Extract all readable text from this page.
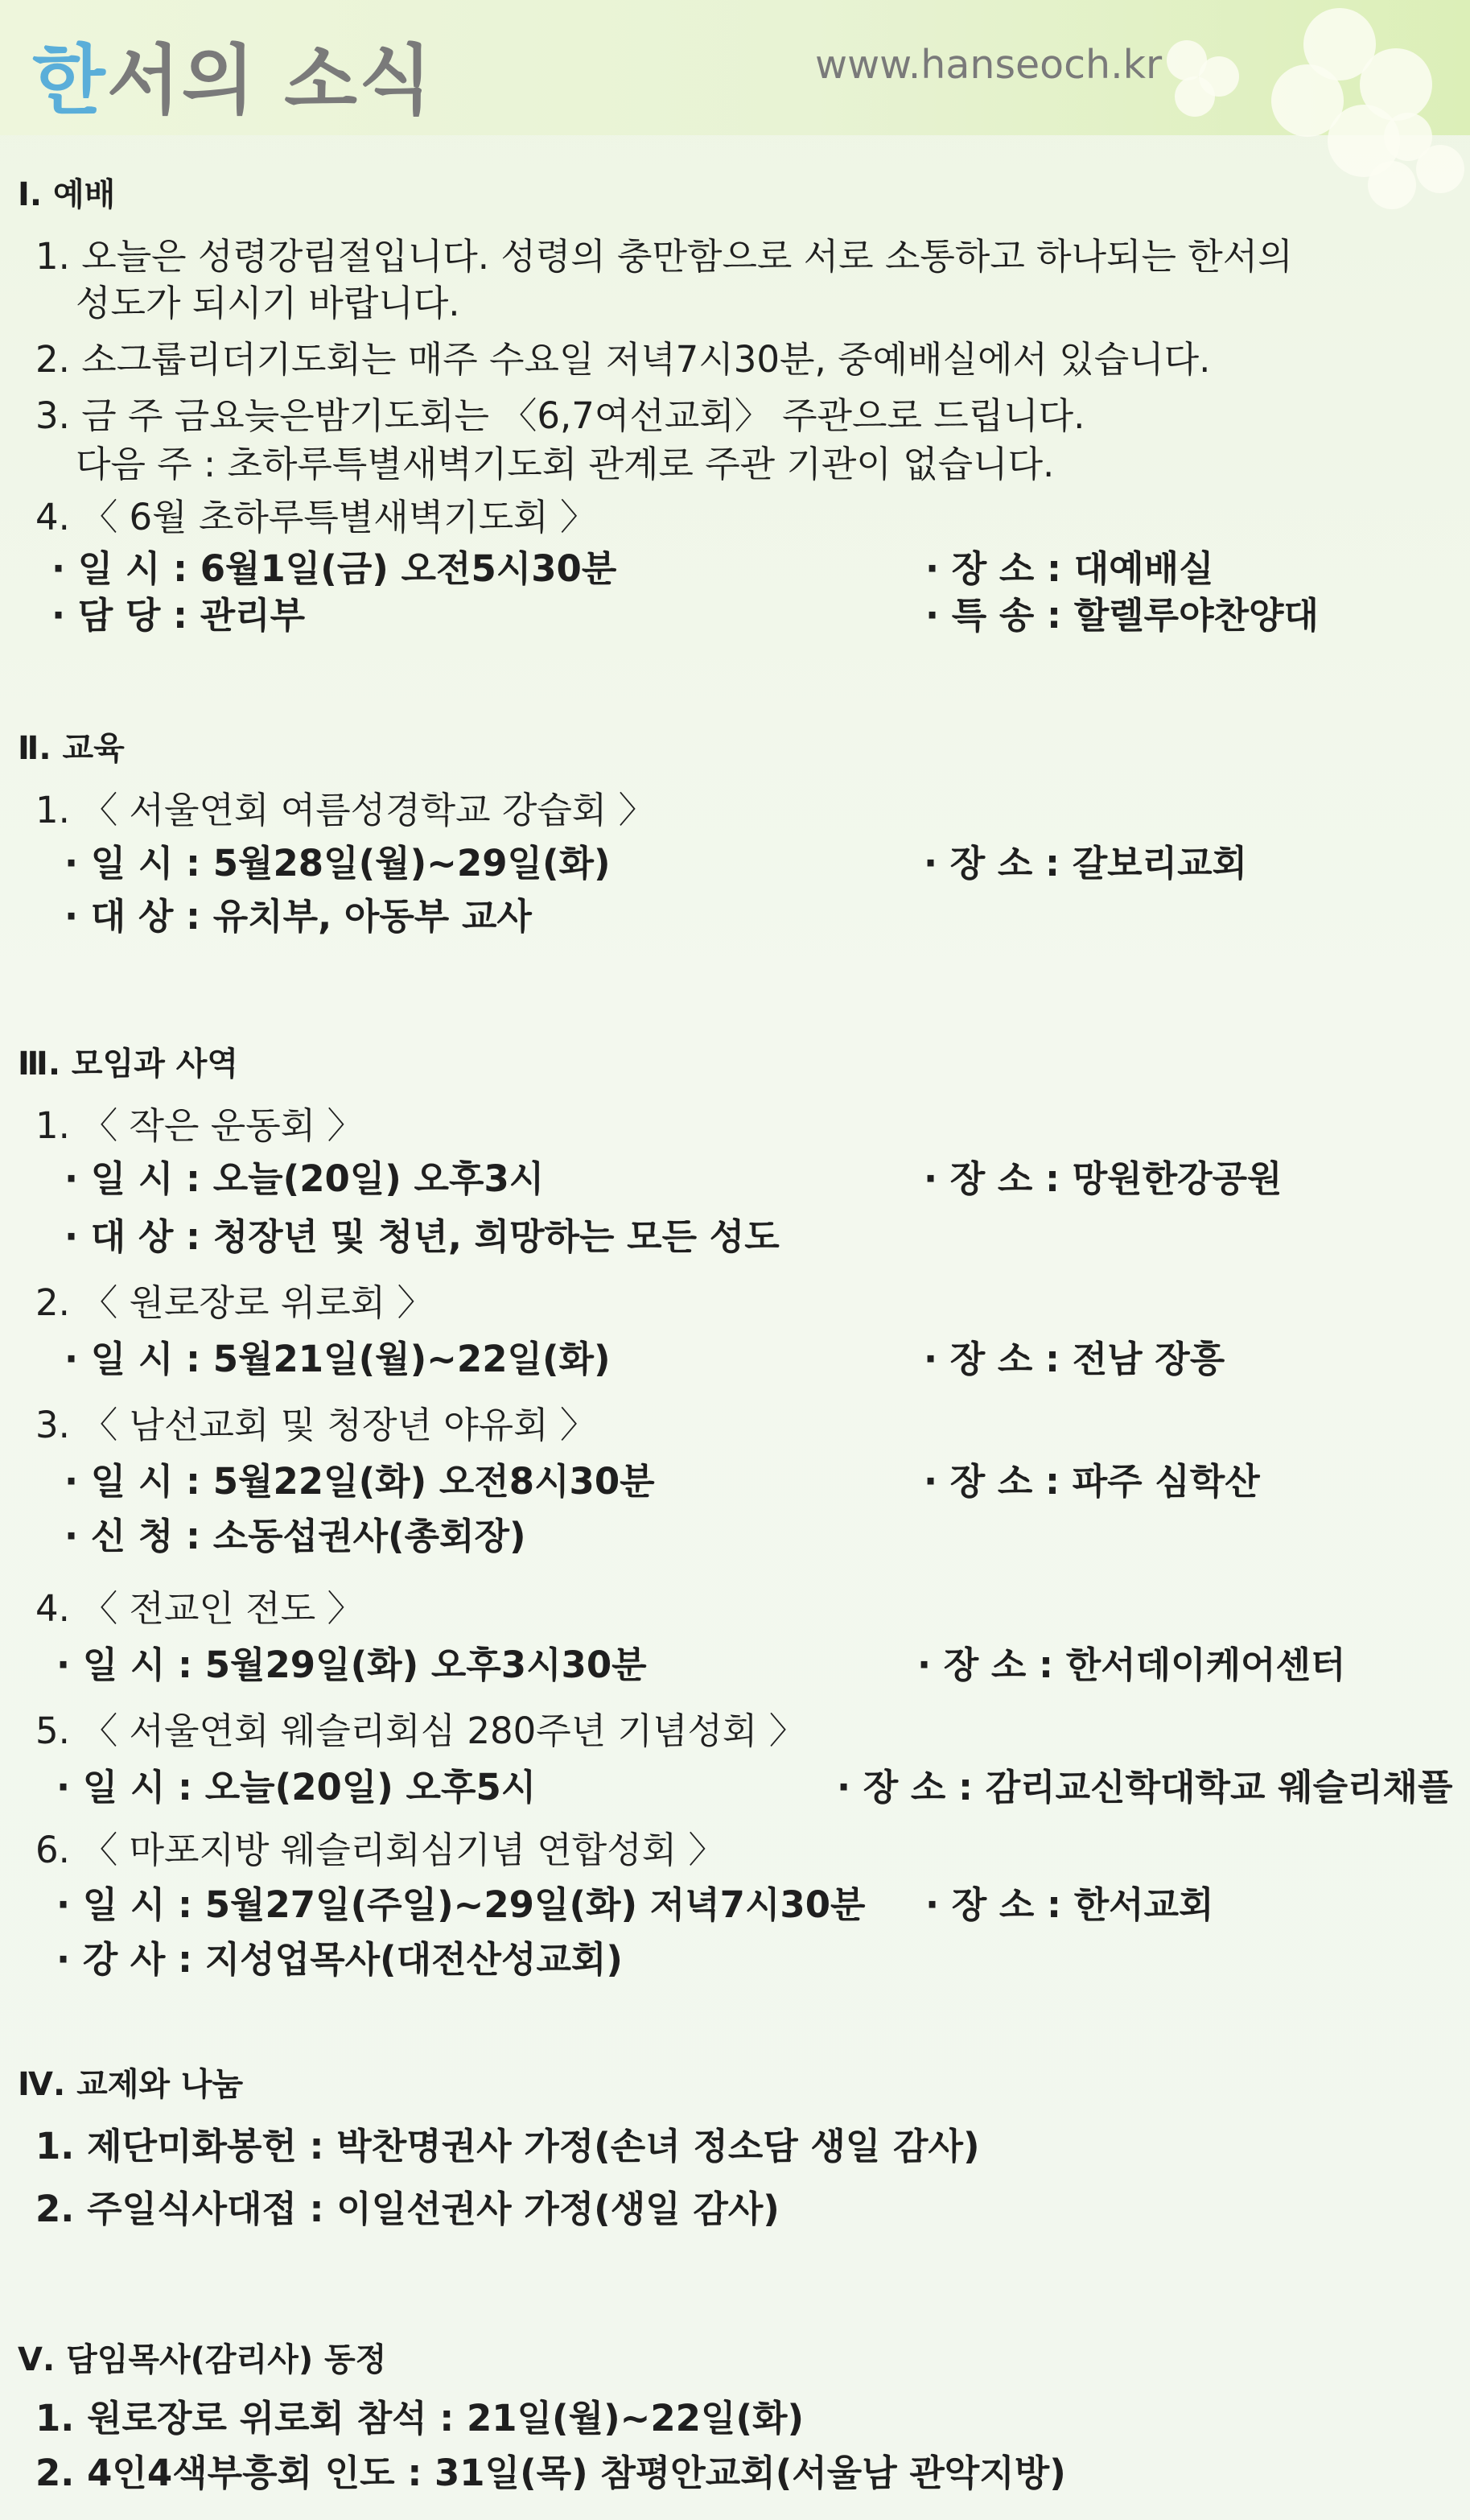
한서의 소식	www.hanseoch.kr
Ⅰ. 예배
1. 오늘은 성령강림절입니다. 성령의 충만함으로 서로 소통하고 하나되는 한서의
성도가 되시기 바랍니다.
2. 소그룹리더기도회는 매주 수요일 저녁7시30분, 중예배실에서 있습니다.
3. 금 주 금요늦은밤기도회는 〈6,7여선교회〉 주관으로 드립니다.
다음 주 : 초하루특별새벽기도회 관계로 주관 기관이 없습니다.
4. 〈 6월 초하루특별새벽기도회 〉
· 일 시 : 6월1일(금) 오전5시30분	· 장 소 : 대예배실
· 담 당 : 관리부	· 특 송 : 할렐루야찬양대
Ⅱ. 교육
1. 〈 서울연회 여름성경학교 강습회 〉
· 일 시 : 5월28일(월)~29일(화)	· 장 소 : 갈보리교회
· 대 상 : 유치부, 아동부 교사
Ⅲ. 모임과 사역
1. 〈 작은 운동회 〉
· 일 시 : 오늘(20일) 오후3시	· 장 소 : 망원한강공원
· 대 상 : 청장년 및 청년, 희망하는 모든 성도
2. 〈 원로장로 위로회 〉
· 일 시 : 5월21일(월)~22일(화)	· 장 소 : 전남 장흥
3. 〈 남선교회 및 청장년 야유회 〉
· 일 시 : 5월22일(화) 오전8시30분	· 장 소 : 파주 심학산
· 신 청 : 소동섭권사(총회장)
4. 〈 전교인 전도 〉
· 일 시 : 5월29일(화) 오후3시30분	· 장 소 : 한서데이케어센터
5. 〈 서울연회 웨슬리회심 280주년 기념성회 〉
· 일 시 : 오늘(20일) 오후5시	· 장 소 : 감리교신학대학교 웨슬리채플
6. 〈 마포지방 웨슬리회심기념 연합성회 〉
· 일 시 : 5월27일(주일)~29일(화) 저녁7시30분 · 장 소 : 한서교회
· 강 사 : 지성업목사(대전산성교회)
Ⅳ. 교제와 나눔
1. 제단미화봉헌 : 박찬명권사 가정(손녀 정소담 생일 감사)
2. 주일식사대접 : 이일선권사 가정(생일 감사)
Ⅴ. 담임목사(감리사) 동정
1. 원로장로 위로회 참석 : 21일(월)~22일(화)
2. 4인4색부흥회 인도 : 31일(목) 참평안교회(서울남 관악지방)
